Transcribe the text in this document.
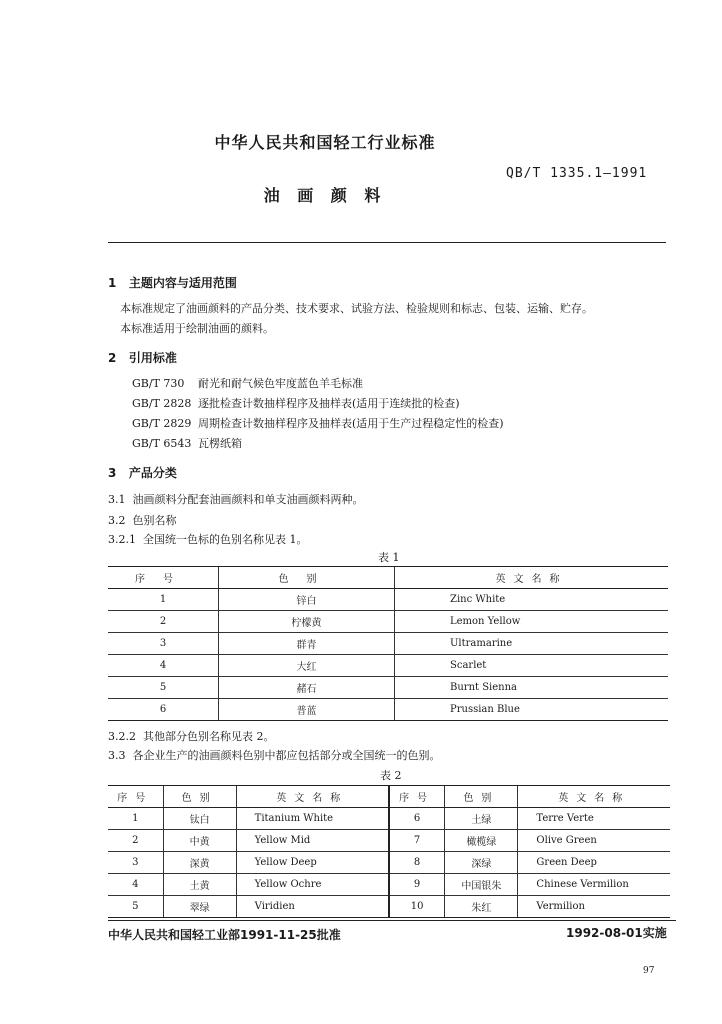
中华人民共和国轻工行业标准
QB/T 1335.1—1991
油 画 颜 料
1 主题内容与适用范围
本标准规定了油画颜料的产品分类、技术要求、试验方法、检验规则和标志、包装、运输、贮存。
本标准适用于绘制油画的颜料。
2 引用标准
GB/T 730 耐光和耐气候色牢度蓝色羊毛标准
GB/T 2828 逐批检查计数抽样程序及抽样表(适用于连续批的检查)
GB/T 2829 周期检查计数抽样程序及抽样表(适用于生产过程稳定性的检查)
GB/T 6543 瓦楞纸箱
3 产品分类
3.1 油画颜料分配套油画颜料和单支油画颜料两种。
3.2 色别名称
3.2.1 全国统一色标的色别名称见表 1。
表 1
序号	色别	英文名称
1	锌白	Zinc White
2	柠檬黄	Lemon Yellow
3	群青	Ultramarine
4	大红	Scarlet
5	赭石	Burnt Sienna
6	普蓝	Prussian Blue
3.2.2 其他部分色别名称见表 2。
3.3 各企业生产的油画颜料色别中都应包括部分或全国统一的色别。
表 2
序号	色别	英文名称	序号	色别	英文名称
1	钛白	Titanium White	6	土绿	Terre Verte
2	中黄	Yellow Mid	7	橄榄绿	Olive Green
3	深黄	Yellow Deep	8	深绿	Green Deep
4	土黄	Yellow Ochre	9	中国银朱	Chinese Vermilion
5	翠绿	Viridien	10	朱红	Vermilion
中华人民共和国轻工业部1991-11-25批准	1992-08-01实施
97
